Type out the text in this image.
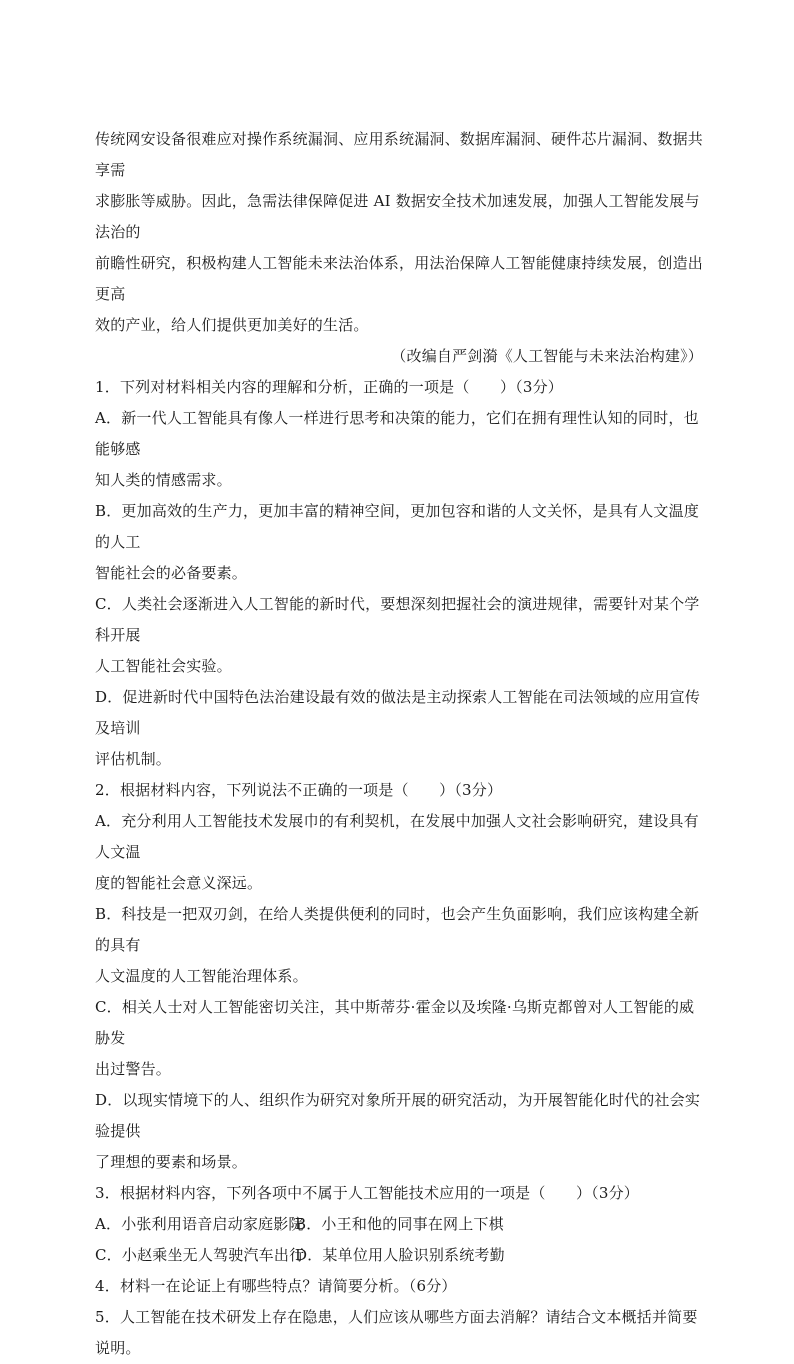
传统网安设备很难应对操作系统漏洞、应用系统漏洞、数据库漏洞、硬件芯片漏洞、数据共享需
求膨胀等威胁。因此，急需法律保障促进 AI 数据安全技术加速发展，加强人工智能发展与法治的
前瞻性研究，积极构建人工智能未来法治体系，用法治保障人工智能健康持续发展，创造出更高
效的产业，给人们提供更加美好的生活。
（改编自严剑漪《人工智能与未来法治构建》）
1．下列对材料相关内容的理解和分析，正确的一项是（　　）（3分）
A．新一代人工智能具有像人一样进行思考和决策的能力，它们在拥有理性认知的同时，也能够感
知人类的情感需求。
B．更加高效的生产力，更加丰富的精神空间，更加包容和谐的人文关怀，是具有人文温度的人工
智能社会的必备要素。
C．人类社会逐渐进入人工智能的新时代，要想深刻把握社会的演进规律，需要针对某个学科开展
人工智能社会实验。
D．促进新时代中国特色法治建设最有效的做法是主动探索人工智能在司法领域的应用宣传及培训
评估机制。
2．根据材料内容，下列说法不正确的一项是（　　）（3分）
A．充分利用人工智能技术发展巾的有利契机，在发展中加强人文社会影响研究，建设具有人文温
度的智能社会意义深远。
B．科技是一把双刃剑，在给人类提供便利的同时，也会产生负面影响，我们应该构建全新的具有
人文温度的人工智能治理体系。
C．相关人士对人工智能密切关注，其中斯蒂芬·霍金以及埃隆·乌斯克都曾对人工智能的威胁发
出过警告。
D．以现实情境下的人、组织作为研究对象所开展的研究活动，为开展智能化时代的社会实验提供
了理想的要素和场景。
3．根据材料内容，下列各项中不属于人工智能技术应用的一项是（　　）（3分）
A．小张利用语音启动家庭影院
B．小王和他的同事在网上下棋
C．小赵乘坐无人驾驶汽车出行
D．某单位用人脸识别系统考勤
4．材料一在论证上有哪些特点？请简要分析。（6分）
5．人工智能在技术研发上存在隐患，人们应该从哪些方面去消解？请结合文本概括并简要说明。
